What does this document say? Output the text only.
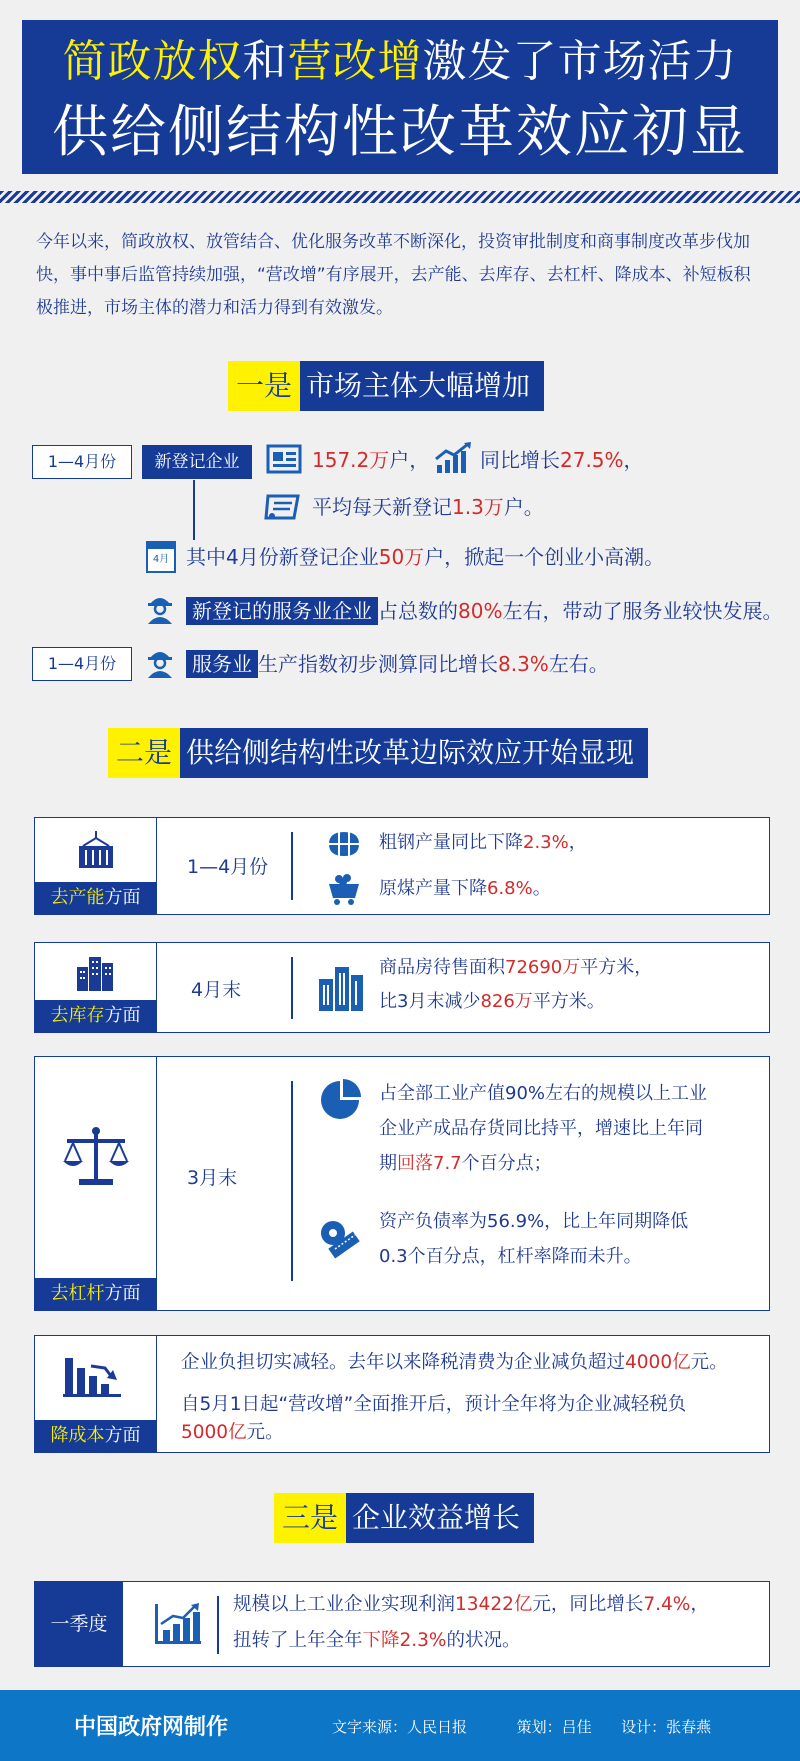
简政放权和营改增激发了市场活力
供给侧结构性改革效应初显
今年以来，简政放权、放管结合、优化服务改革不断深化，投资审批制度和商事制度改革步伐加快，事中事后监管持续加强，“营改增”有序展开，去产能、去库存、去杠杆、降成本、补短板积极推进，市场主体的潜力和活力得到有效激发。
一是 市场主体大幅增加
1—4月份	新登记企业	157.2万户，	同比增长27.5%，
平均每天新登记1.3万户。
4月 其中4月份新登记企业50万户，掀起一个创业小高潮。
新登记的服务业企业 占总数的80%左右，带动了服务业较快发展。
1—4月份	服务业 生产指数初步测算同比增长8.3%左右。
二是 供给侧结构性改革边际效应开始显现
去产能方面
1—4月份
粗钢产量同比下降2.3%，
原煤产量下降6.8%。
去库存方面
4月末
商品房待售面积72690万平方米，
比3月末减少826万平方米。
去杠杆方面
3月末
占全部工业产值90%左右的规模以上工业
企业产成品存货同比持平，增速比上年同
期回落7.7个百分点；
资产负债率为56.9%，比上年同期降低
0.3个百分点，杠杆率降而未升。
降成本方面
企业负担切实减轻。去年以来降税清费为企业减负超过4000亿元。
自5月1日起“营改增”全面推开后，预计全年将为企业减轻税负
5000亿元。
三是 企业效益增长
一季度
规模以上工业企业实现利润13422亿元，同比增长7.4%，
扭转了上年全年下降2.3%的状况。
中国政府网制作	文字来源：人民日报	策划：吕佳 设计：张春燕
